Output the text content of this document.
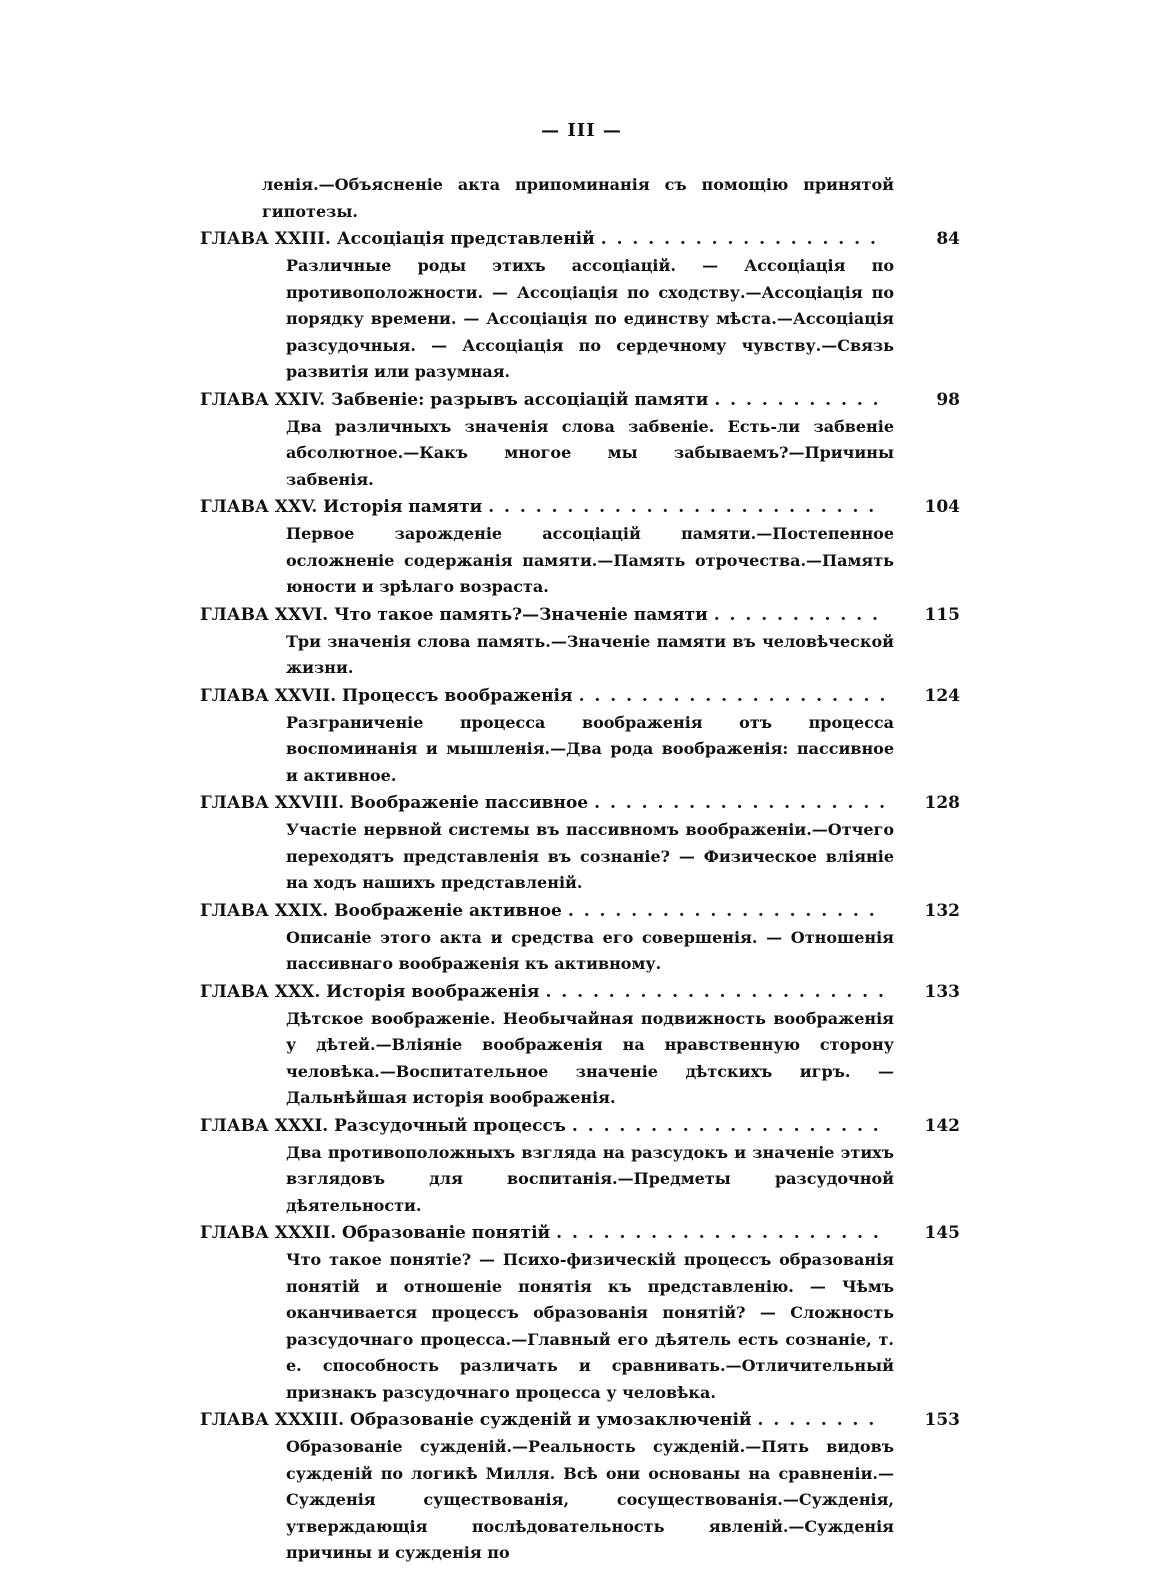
— III —
ленія.—Объясненіе акта припоминанія съ помощію принятой гипотезы.
ГЛАВА XXIII. Ассоціація представленій . . .	84
Различные роды этихъ ассоціацій. — Ассоціація по противоположности. — Ассоціація по сходству.—Ассоціація по порядку времени. — Ассоціація по единству мѣста.—Ассоціація разсудочныя. — Ассоціація по сердечному чувству.—Связь развитія или разумная.
ГЛАВА XXIV. Забвеніе: разрывъ ассоціацій памяти . . .	98
Два различныхъ значенія слова забвеніе. Есть-ли забвеніе абсолютное.—Какъ многое мы забываемъ?—Причины забвенія.
ГЛАВА XXV. Исторія памяти . . .	104
Первое зарожденіе ассоціацій памяти.—Постепенное осложненіе содержанія памяти.—Память отрочества.—Память юности и зрѣлаго возраста.
ГЛАВА XXVI. Что такое память?—Значеніе памяти . . .	115
Три значенія слова память.—Значеніе памяти въ человѣческой жизни.
ГЛАВА XXVII. Процессъ воображенія . . .	124
Разграниченіе процесса воображенія отъ процесса воспоминанія и мышленія.—Два рода воображенія: пассивное и активное.
ГЛАВА XXVIII. Воображеніе пассивное . . .	128
Участіе нервной системы въ пассивномъ воображеніи.—Отчего переходятъ представленія въ сознаніе? — Физическое вліяніе на ходъ нашихъ представленій.
ГЛАВА XXIX. Воображеніе активное . . .	132
Описаніе этого акта и средства его совершенія. — Отношенія пассивнаго воображенія къ активному.
ГЛАВА XXX. Исторія воображенія . . .	133
Дѣтское воображеніе. Необычайная подвижность воображенія у дѣтей.—Вліяніе воображенія на нравственную сторону человѣка.—Воспитательное значеніе дѣтскихъ игръ. — Дальнѣйшая исторія воображенія.
ГЛАВА XXXI. Разсудочный процессъ . . .	142
Два противоположныхъ взгляда на разсудокъ и значеніе этихъ взглядовъ для воспитанія.—Предметы разсудочной дѣятельности.
ГЛАВА XXXII. Образованіе понятій . . .	145
Что такое понятіе? — Психо-физическій процессъ образованія понятій и отношеніе понятія къ представленію. — Чѣмъ оканчивается процессъ образованія понятій? — Сложность разсудочнаго процесса.—Главный его дѣятель есть сознаніе, т. е. способность различать и сравнивать.—Отличительный признакъ разсудочнаго процесса у человѣка.
ГЛАВА XXXIII. Образованіе сужденій и умозаключеній . . .	153
Образованіе сужденій.—Реальность сужденій.—Пять видовъ сужденій по логикѣ Милля. Всѣ они основаны на сравненіи.—Сужденія существованія, сосуществованія.—Сужденія, утверждающія послѣдовательность явленій.—Сужденія причины и сужденія по
